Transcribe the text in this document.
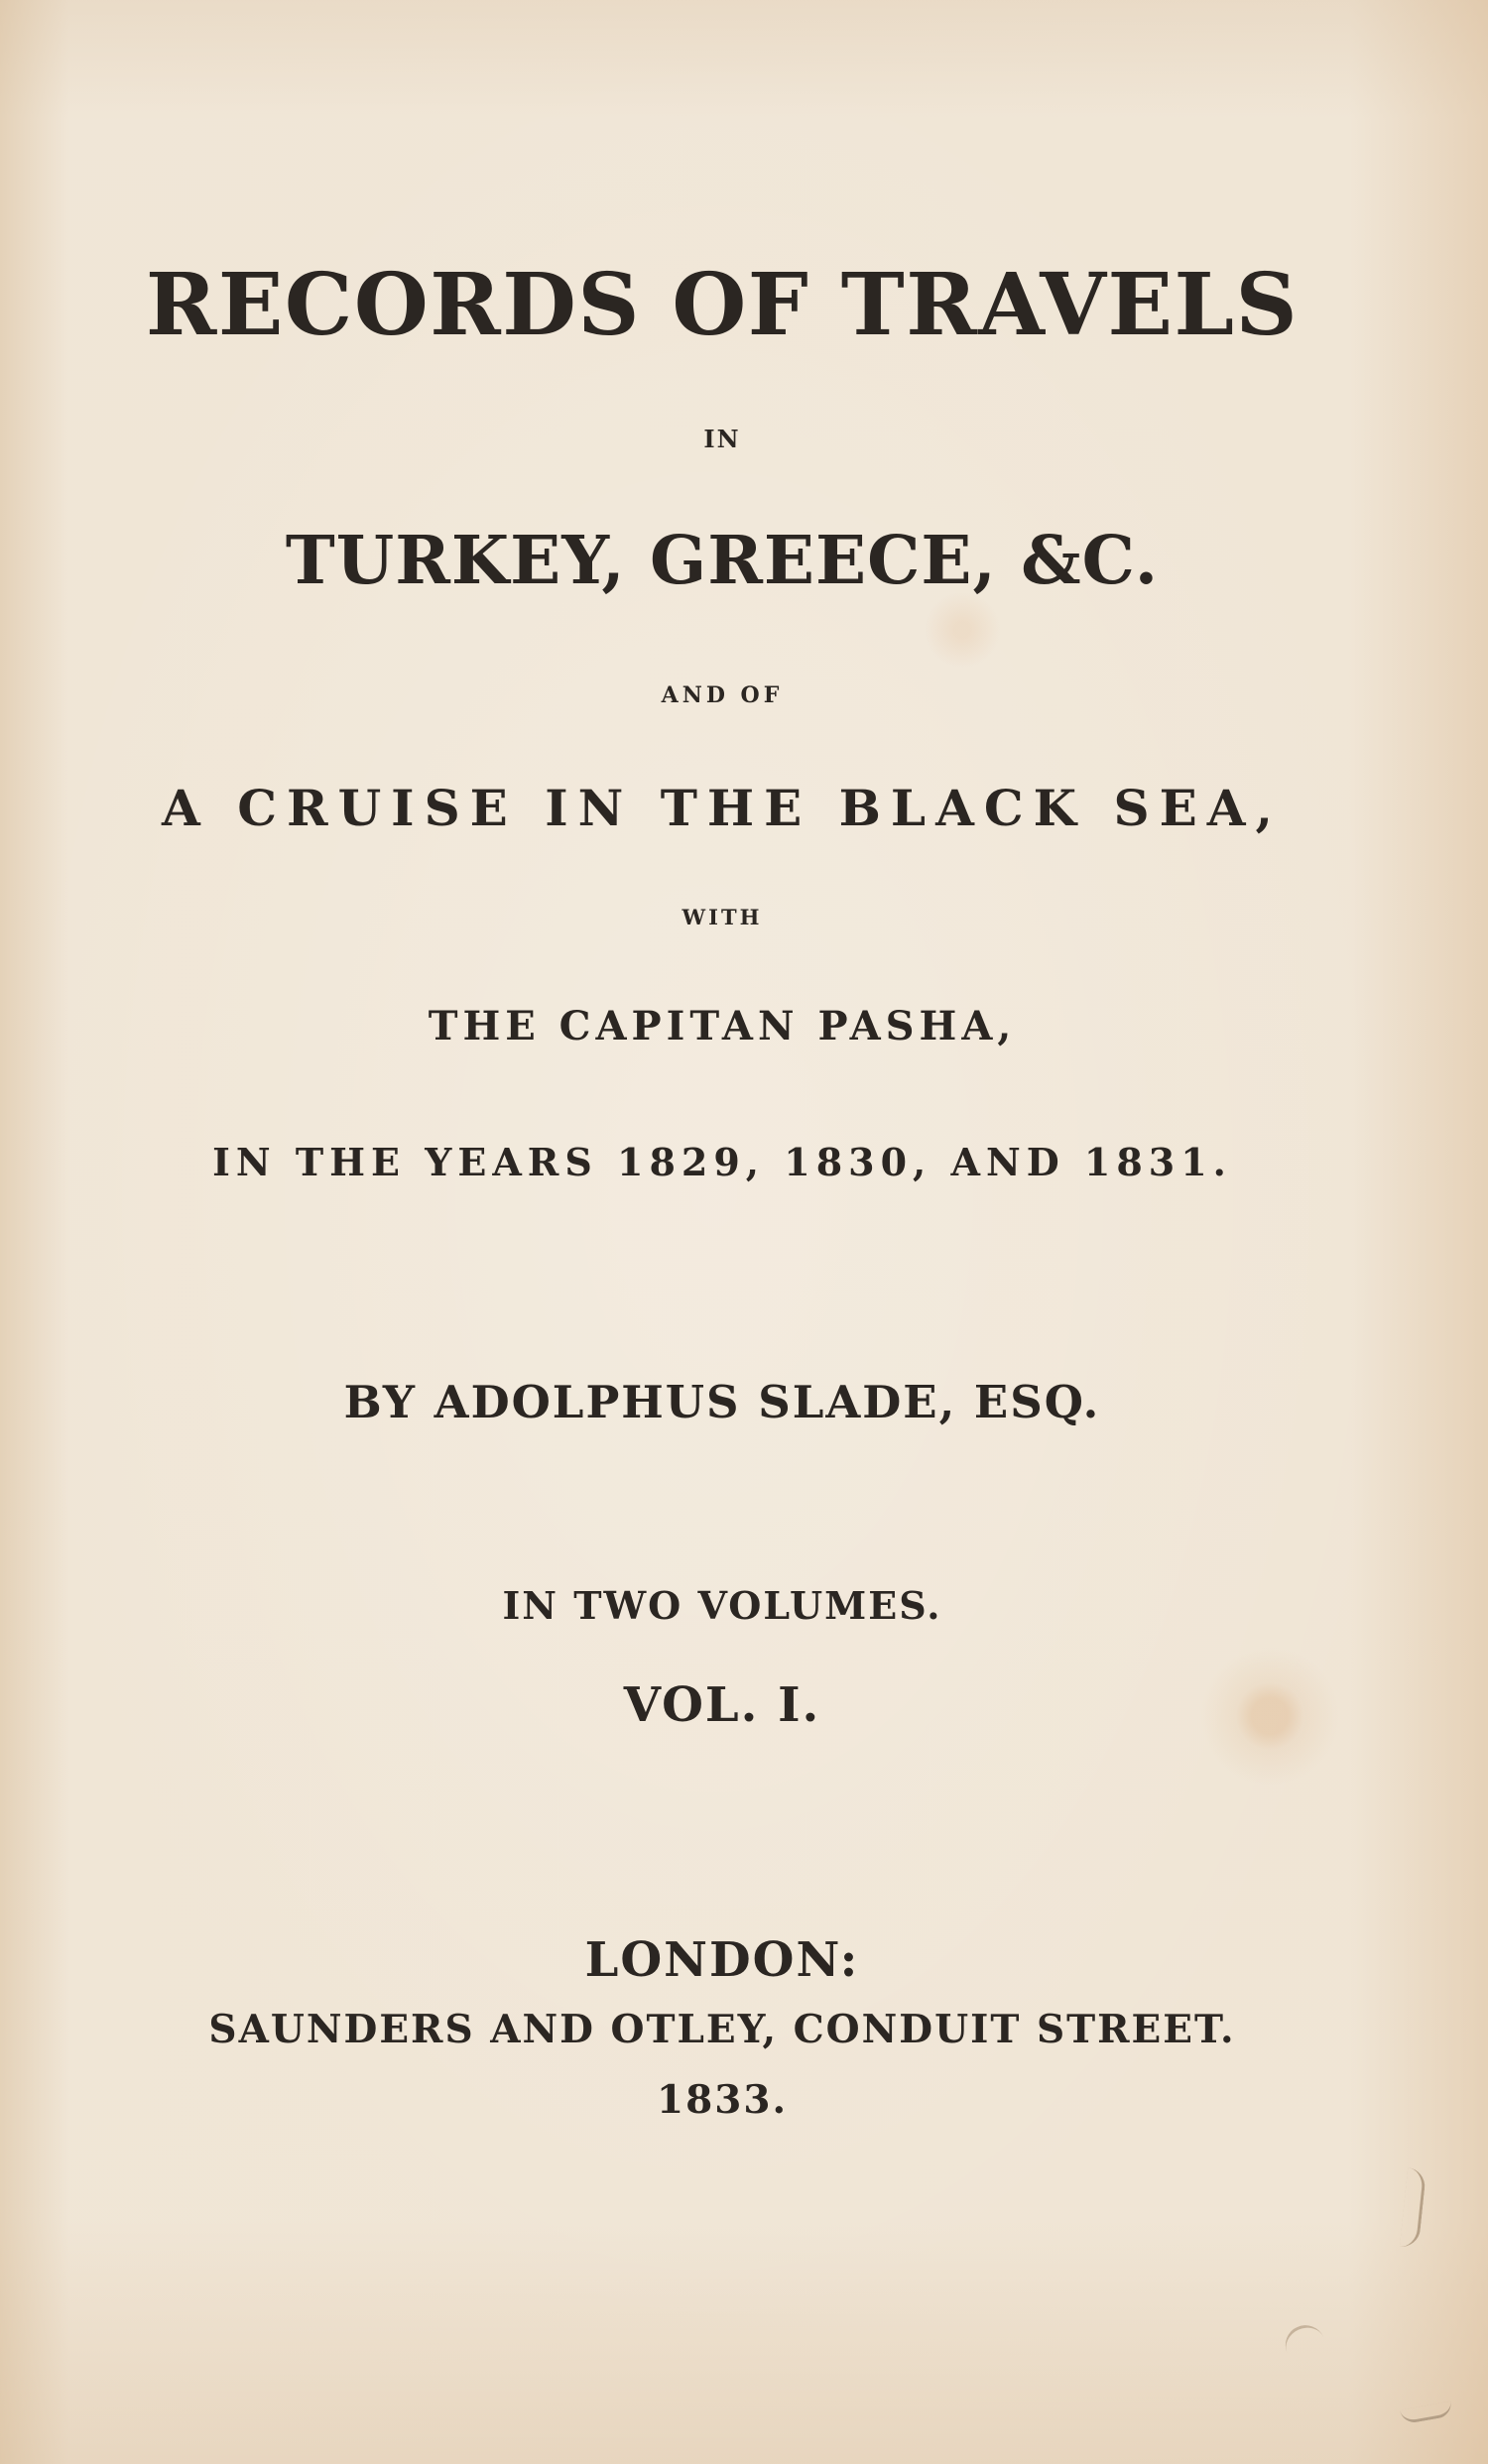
RECORDS OF TRAVELS
IN
TURKEY, GREECE, &C.
AND OF
A CRUISE IN THE BLACK SEA,
WITH
THE CAPITAN PASHA,
IN THE YEARS 1829, 1830, AND 1831.
BY ADOLPHUS SLADE, ESQ.
IN TWO VOLUMES.
VOL. I.
LONDON:
SAUNDERS AND OTLEY, CONDUIT STREET.
1833.
